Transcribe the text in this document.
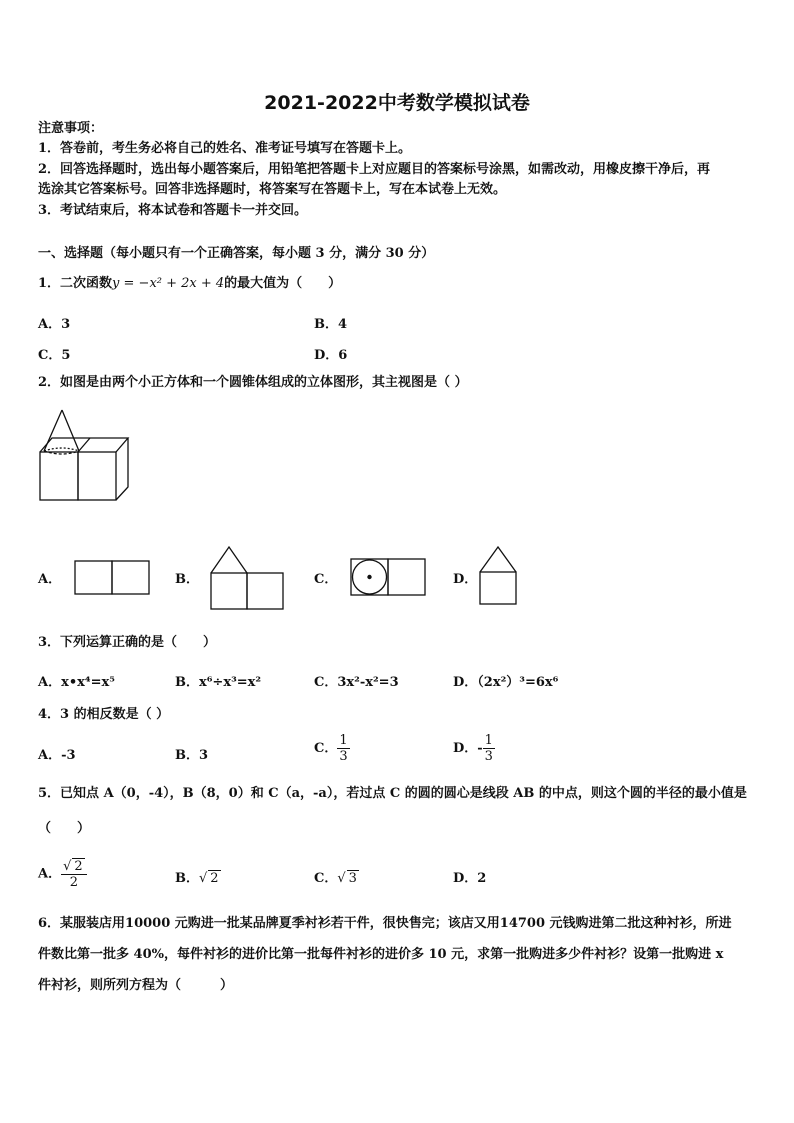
2021-2022中考数学模拟试卷
注意事项：
1．答卷前，考生务必将自己的姓名、准考证号填写在答题卡上。
2．回答选择题时，选出每小题答案后，用铅笔把答题卡上对应题目的答案标号涂黑，如需改动，用橡皮擦干净后，再
选涂其它答案标号。回答非选择题时，将答案写在答题卡上，写在本试卷上无效。
3．考试结束后，将本试卷和答题卡一并交回。
一、选择题（每小题只有一个正确答案，每小题 3 分，满分 30 分）
1．二次函数y = −x² + 2x + 4的最大值为（　　）
A．3	B．4
C．5	D．6
2．如图是由两个小正方体和一个圆锥体组成的立体图形，其主视图是（ ）
A．	B．	C．	D．
3．下列运算正确的是（　　）
A．x•x⁴=x⁵	B．x⁶÷x³=x²	C．3x²-x²=3	D．（2x²）³=6x⁶
4．3 的相反数是（ ）
A．-3	B．3	C． $\frac{1}{3}$	D．- $\frac{1}{3}$
5．已知点 A（0，-4），B（8，0）和 C（a，-a），若过点 C 的圆的圆心是线段 AB 的中点，则这个圆的半径的最小值是
（　　）
A． $\frac{√ 2}{2}$	B．√ 2	C．√ 3	D．2
6．某服装店用10000 元购进一批某品牌夏季衬衫若干件，很快售完；该店又用14700 元钱购进第二批这种衬衫，所进
件数比第一批多 40%，每件衬衫的进价比第一批每件衬衫的进价多 10 元，求第一批购进多少件衬衫？设第一批购进 x
件衬衫，则所列方程为（　　　）
